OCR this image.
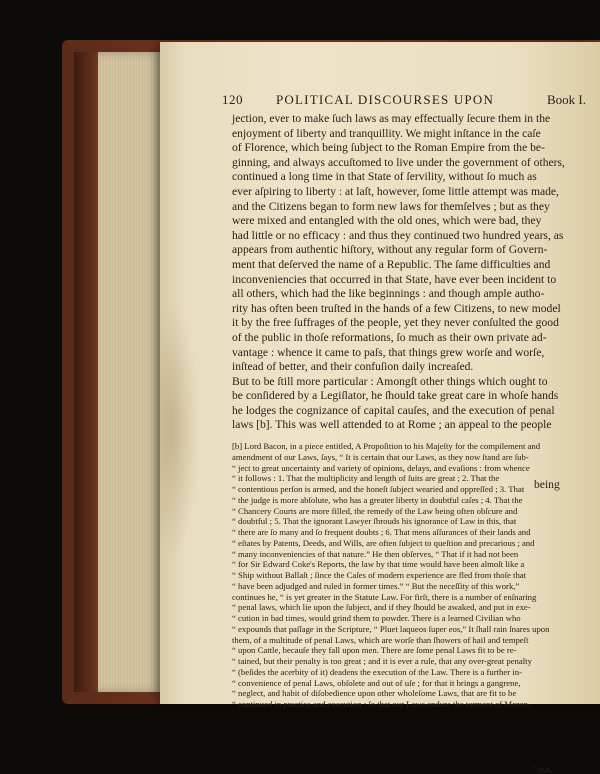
120	POLITICAL DISCOURSES UPON	Book I.
jection, ever to make ſuch laws as may effectually ſecure them in the
enjoyment of liberty and tranquillity. We might inſtance in the caſe
of Florence, which being ſubject to the Roman Empire from the be-
ginning, and always accuſtomed to live under the government of others,
continued a long time in that State of ſervility, without ſo much as
ever aſpiring to liberty : at laſt, however, ſome little attempt was made,
and the Citizens began to form new laws for themſelves ; but as they
were mixed and entangled with the old ones, which were bad, they
had little or no efficacy : and thus they continued two hundred years, as
appears from authentic hiſtory, without any regular form of Govern-
ment that deſerved the name of a Republic. The ſame difficulties and
inconveniencies that occurred in that State, have ever been incident to
all others, which had the like beginnings : and though ample autho-
rity has often been truſted in the hands of a few Citizens, to new model
it by the free ſuffrages of the people, yet they never conſulted the good
of the public in thoſe reformations, ſo much as their own private ad-
vantage : whence it came to paſs, that things grew worſe and worſe,
inſtead of better, and their confuſion daily increaſed.
But to be ſtill more particular : Amongſt other things which ought to
be conſidered by a Legiſlator, he ſhould take great care in whoſe hands
he lodges the cognizance of capital cauſes, and the execution of penal
laws [b]. This was well attended to at Rome ; an appeal to the people
being
[b] Lord Bacon, in a piece entitled, A Propoſition to his Majeſty for the compilement and
amendment of our Laws, ſays, “ It is certain that our Laws, as they now ſtand are ſub-
“ ject to great uncertainty and variety of opinions, delays, and evaſions : from whence
“ it follows : 1. That the multiplicity and length of ſuits are great ; 2. That the
“ contentious perſon is armed, and the honeſt ſubject wearied and oppreſſed ; 3. That
“ the judge is more abſolute, who has a greater liberty in doubtful caſes ; 4. That the
“ Chancery Courts are more filled, the remedy of the Law being often obſcure and
“ doubtful ; 5. That the ignorant Lawyer ſhrouds his ignorance of Law in this, that
“ there are ſo many and ſo frequent doubts ; 6. That mens aſſurances of their lands and
“ eſtates by Patents, Deeds, and Wills, are often ſubject to queſtion and precarious ; and
“ many inconveniencies of that nature.” He then obſerves, “ That if it had not been
“ for Sir Edward Coke's Reports, the law by that time would have been almoſt like a
“ Ship without Ballaſt ; ſince the Caſes of modern experience are fled from thoſe that
“ have been adjudged and ruled in former times.” “ But the neceſſity of this work,”
continues he, “ is yet greater in the Statute Law. For firſt, there is a number of enſnaring
“ penal laws, which lie upon the ſubject, and if they ſhould be awaked, and put in exe-
“ cution in bad times, would grind them to powder. There is a learned Civilian who
“ expounds that paſſage in the Scripture, “ Pluet laqueos ſuper eos,” It ſhall rain ſnares upon
them, of a multitude of penal Laws, which are worſe than ſhowers of hail and tempeſt
“ upon Cattle, becauſe they fall upon men. There are ſome penal Laws fit to be re-
“ tained, but their penalty is too great ; and it is ever a rule, that any over-great penalty
“ (beſides the acerbity of it) deadens the execution of the Law. There is a further in-
“ convenience of penal Laws, obſolete and out of uſe ; for that it brings a gangrene,
“ neglect, and habit of diſobedience upon other wholeſome Laws, that are fit to be
“ continued in practice and execution : ſo that our Laws endure the torment of Mezen-
“ tius,
